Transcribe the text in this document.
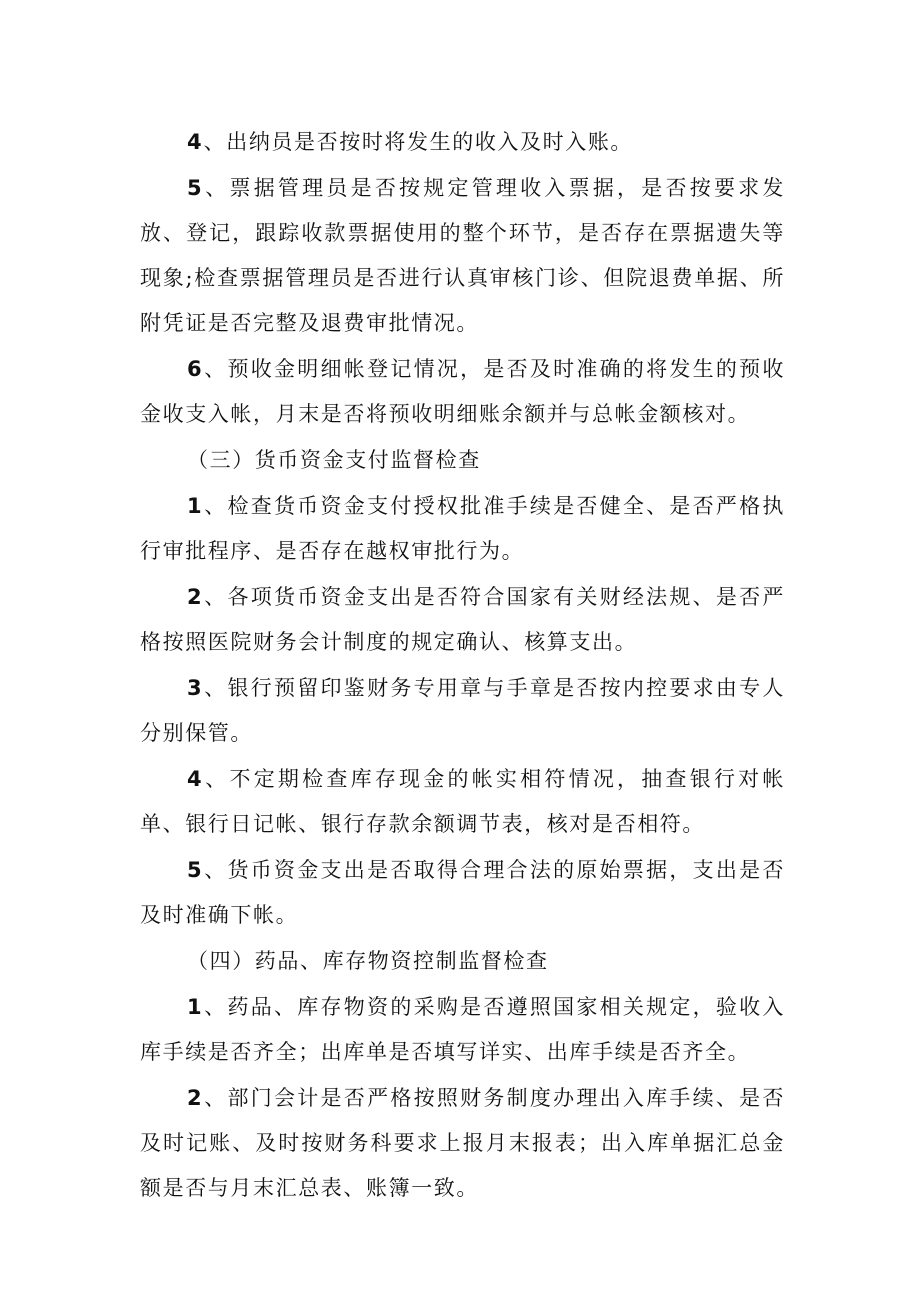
4、出纳员是否按时将发生的收入及时入账。

5、票据管理员是否按规定管理收入票据，是否按要求发放、登记，跟踪收款票据使用的整个环节，是否存在票据遗失等现象;检查票据管理员是否进行认真审核门诊、但院退费单据、所附凭证是否完整及退费审批情况。

6、预收金明细帐登记情况，是否及时准确的将发生的预收金收支入帐，月末是否将预收明细账余额并与总帐金额核对。

（三）货币资金支付监督检查

1、检查货币资金支付授权批准手续是否健全、是否严格执行审批程序、是否存在越权审批行为。

2、各项货币资金支出是否符合国家有关财经法规、是否严格按照医院财务会计制度的规定确认、核算支出。

3、银行预留印鉴财务专用章与手章是否按内控要求由专人分别保管。

4、不定期检查库存现金的帐实相符情况，抽查银行对帐单、银行日记帐、银行存款余额调节表，核对是否相符。

5、货币资金支出是否取得合理合法的原始票据，支出是否及时准确下帐。

（四）药品、库存物资控制监督检查

1、药品、库存物资的采购是否遵照国家相关规定，验收入库手续是否齐全；出库单是否填写详实、出库手续是否齐全。

2、部门会计是否严格按照财务制度办理出入库手续、是否及时记账、及时按财务科要求上报月末报表；出入库单据汇总金额是否与月末汇总表、账簿一致。
